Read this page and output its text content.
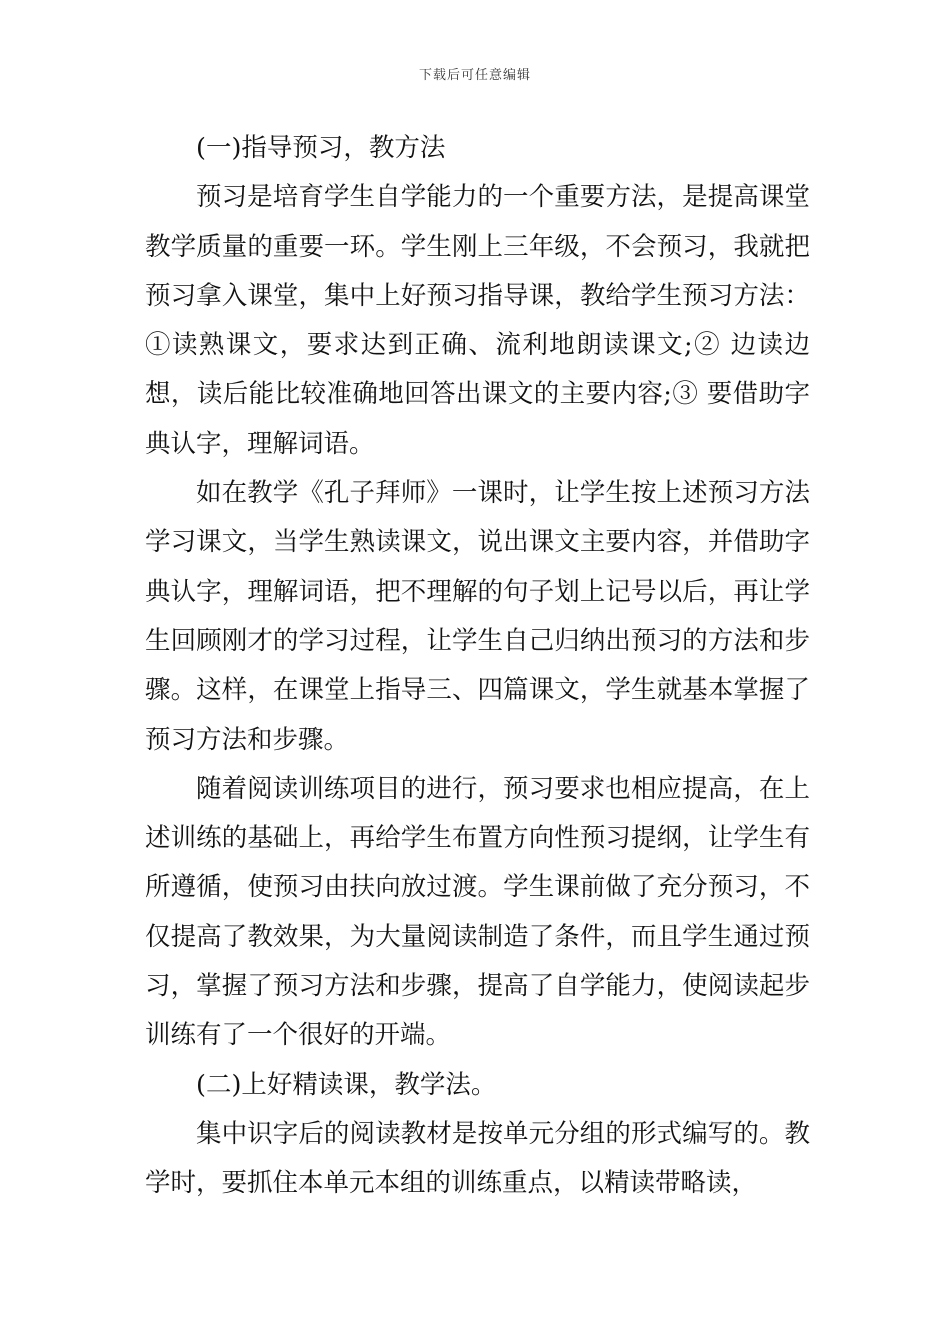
下载后可任意编辑

(一)指导预习，教方法

预习是培育学生自学能力的一个重要方法，是提高课堂教学质量的重要一环。学生刚上三年级，不会预习，我就把预习拿入课堂，集中上好预习指导课，教给学生预习方法：①读熟课文，要求达到正确、流利地朗读课文;② 边读边想，读后能比较准确地回答出课文的主要内容;③ 要借助字典认字，理解词语。

如在教学《孔子拜师》一课时，让学生按上述预习方法学习课文，当学生熟读课文，说出课文主要内容，并借助字典认字，理解词语，把不理解的句子划上记号以后，再让学生回顾刚才的学习过程，让学生自己归纳出预习的方法和步骤。这样，在课堂上指导三、四篇课文，学生就基本掌握了预习方法和步骤。

随着阅读训练项目的进行，预习要求也相应提高，在上述训练的基础上，再给学生布置方向性预习提纲，让学生有所遵循，使预习由扶向放过渡。学生课前做了充分预习，不仅提高了教效果，为大量阅读制造了条件，而且学生通过预习，掌握了预习方法和步骤，提高了自学能力，使阅读起步训练有了一个很好的开端。

(二)上好精读课，教学法。

集中识字后的阅读教材是按单元分组的形式编写的。教学时，要抓住本单元本组的训练重点，以精读带略读，
